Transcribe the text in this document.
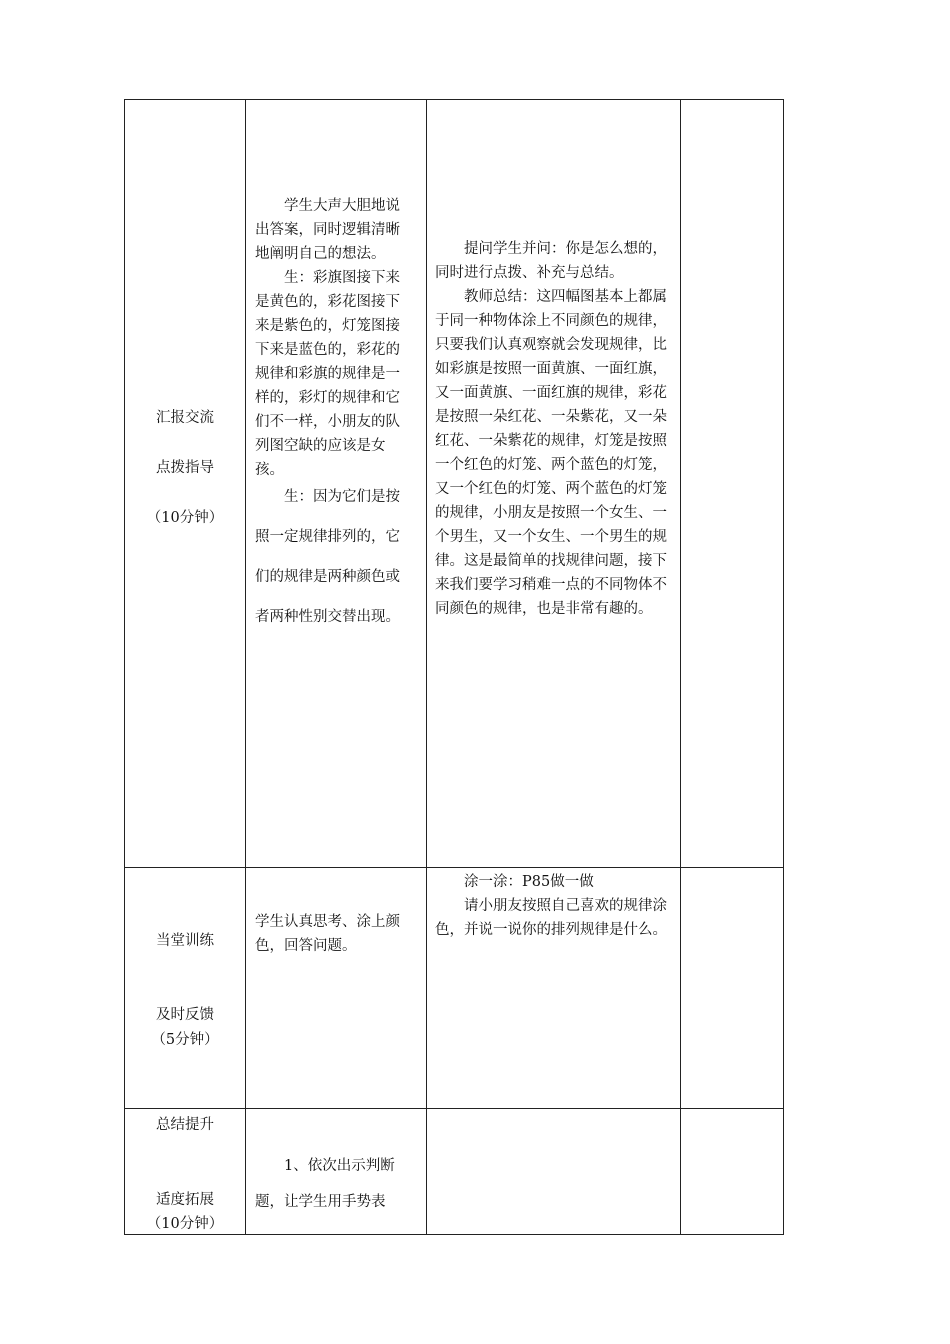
汇报交流
点拨指导
（10分钟）

学生大声大胆地说出答案，同时逻辑清晰地阐明自己的想法。

生：彩旗图接下来是黄色的，彩花图接下来是紫色的，灯笼图接下来是蓝色的，彩花的规律和彩旗的规律是一样的，彩灯的规律和它们不一样，小朋友的队列图空缺的应该是女孩。

生：因为它们是按照一定规律排列的，它们的规律是两种颜色或者两种性别交替出现。

提问学生并问：你是怎么想的，同时进行点拨、补充与总结。

教师总结：这四幅图基本上都属于同一种物体涂上不同颜色的规律，只要我们认真观察就会发现规律，比如彩旗是按照一面黄旗、一面红旗，又一面黄旗、一面红旗的规律，彩花是按照一朵红花、一朵紫花，又一朵红花、一朵紫花的规律，灯笼是按照一个红色的灯笼、两个蓝色的灯笼，又一个红色的灯笼、两个蓝色的灯笼的规律，小朋友是按照一个女生、一个男生，又一个女生、一个男生的规律。这是最简单的找规律问题，接下来我们要学习稍难一点的不同物体不同颜色的规律，也是非常有趣的。

当堂训练
及时反馈
（5分钟）

学生认真思考、涂上颜色，回答问题。

涂一涂：P85做一做

请小朋友按照自己喜欢的规律涂色，并说一说你的排列规律是什么。

总结提升
适度拓展
（10分钟）

1、依次出示判断题，让学生用手势表
